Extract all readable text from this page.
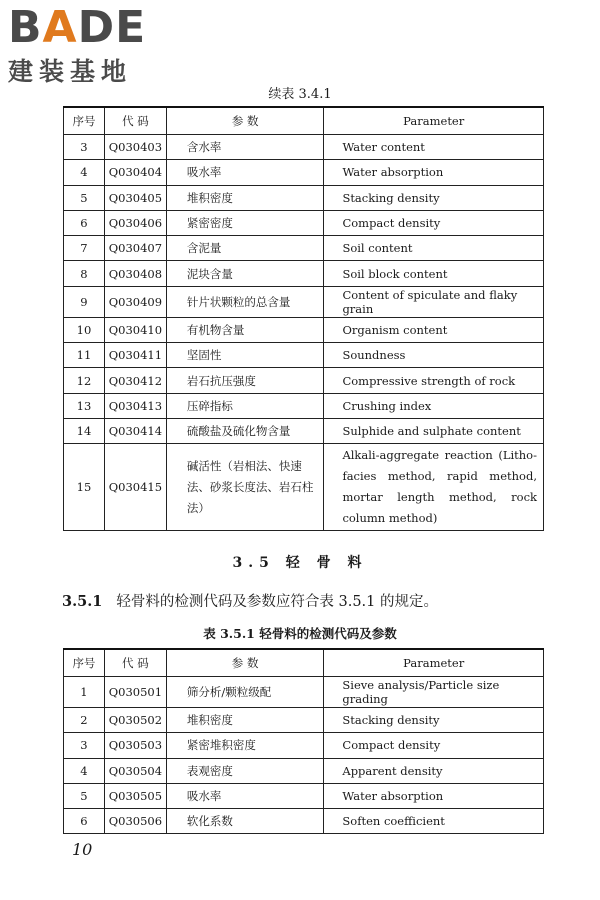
BADE
建装基地
续表 3.4.1
序号	代 码	参 数	Parameter
3	Q030403	含水率	Water content
4	Q030404	吸水率	Water absorption
5	Q030405	堆积密度	Stacking density
6	Q030406	紧密密度	Compact density
7	Q030407	含泥量	Soil content
8	Q030408	泥块含量	Soil block content
9	Q030409	针片状颗粒的总含量	Content of spiculate and flaky grain
10	Q030410	有机物含量	Organism content
11	Q030411	坚固性	Soundness
12	Q030412	岩石抗压强度	Compressive strength of rock
13	Q030413	压碎指标	Crushing index
14	Q030414	硫酸盐及硫化物含量	Sulphide and sulphate content
15	Q030415	碱活性（岩相法、快速法、砂浆长度法、岩石柱法）	Alkali-aggregate reaction (Litho-facies method, rapid method, mortar length method, rock column method)
3.5 轻 骨 料
3.5.1 轻骨料的检测代码及参数应符合表 3.5.1 的规定。
表 3.5.1 轻骨料的检测代码及参数
序号	代 码	参 数	Parameter
1	Q030501	筛分析/颗粒级配	Sieve analysis/Particle size grading
2	Q030502	堆积密度	Stacking density
3	Q030503	紧密堆积密度	Compact density
4	Q030504	表观密度	Apparent density
5	Q030505	吸水率	Water absorption
6	Q030506	软化系数	Soften coefficient
10
